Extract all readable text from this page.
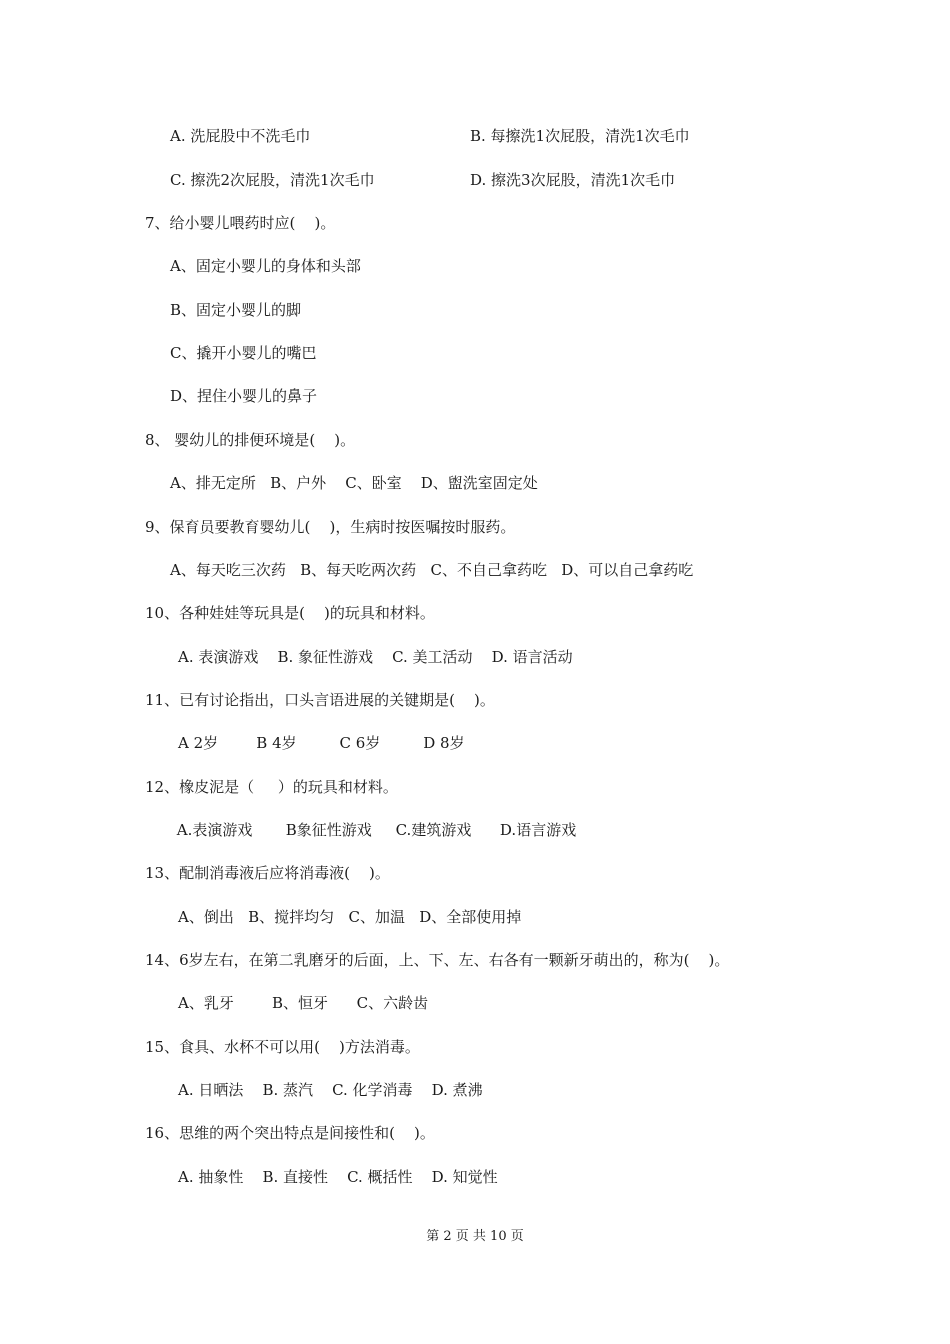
A. 洗屁股中不洗毛巾	B. 每擦洗1次屁股，清洗1次毛巾
C. 擦洗2次屁股，清洗1次毛巾	D. 擦洗3次屁股，清洗1次毛巾
7、给小婴儿喂药时应(    )。
A、固定小婴儿的身体和头部
B、固定小婴儿的脚
C、撬开小婴儿的嘴巴
D、捏住小婴儿的鼻子
8、 婴幼儿的排便环境是(    )。
A、排无定所   B、户外    C、卧室    D、盥洗室固定处
9、保育员要教育婴幼儿(    )，生病时按医嘱按时服药。
A、每天吃三次药   B、每天吃两次药   C、不自己拿药吃   D、可以自己拿药吃
10、各种娃娃等玩具是(    )的玩具和材料。
A. 表演游戏    B. 象征性游戏    C. 美工活动    D. 语言活动
11、已有讨论指出，口头言语进展的关键期是(    )。
A 2岁        B 4岁         C 6岁         D 8岁
12、橡皮泥是（     ）的玩具和材料。
A.表演游戏       B象征性游戏     C.建筑游戏      D.语言游戏
13、配制消毒液后应将消毒液(    )。
A、倒出   B、搅拌均匀   C、加温   D、全部使用掉
14、6岁左右，在第二乳磨牙的后面，上、下、左、右各有一颗新牙萌出的，称为(    )。
A、乳牙        B、恒牙      C、六龄齿
15、食具、水杯不可以用(    )方法消毒。
A. 日晒法    B. 蒸汽    C. 化学消毒    D. 煮沸
16、思维的两个突出特点是间接性和(    )。
A. 抽象性    B. 直接性    C. 概括性    D. 知觉性
第 2 页 共 10 页
